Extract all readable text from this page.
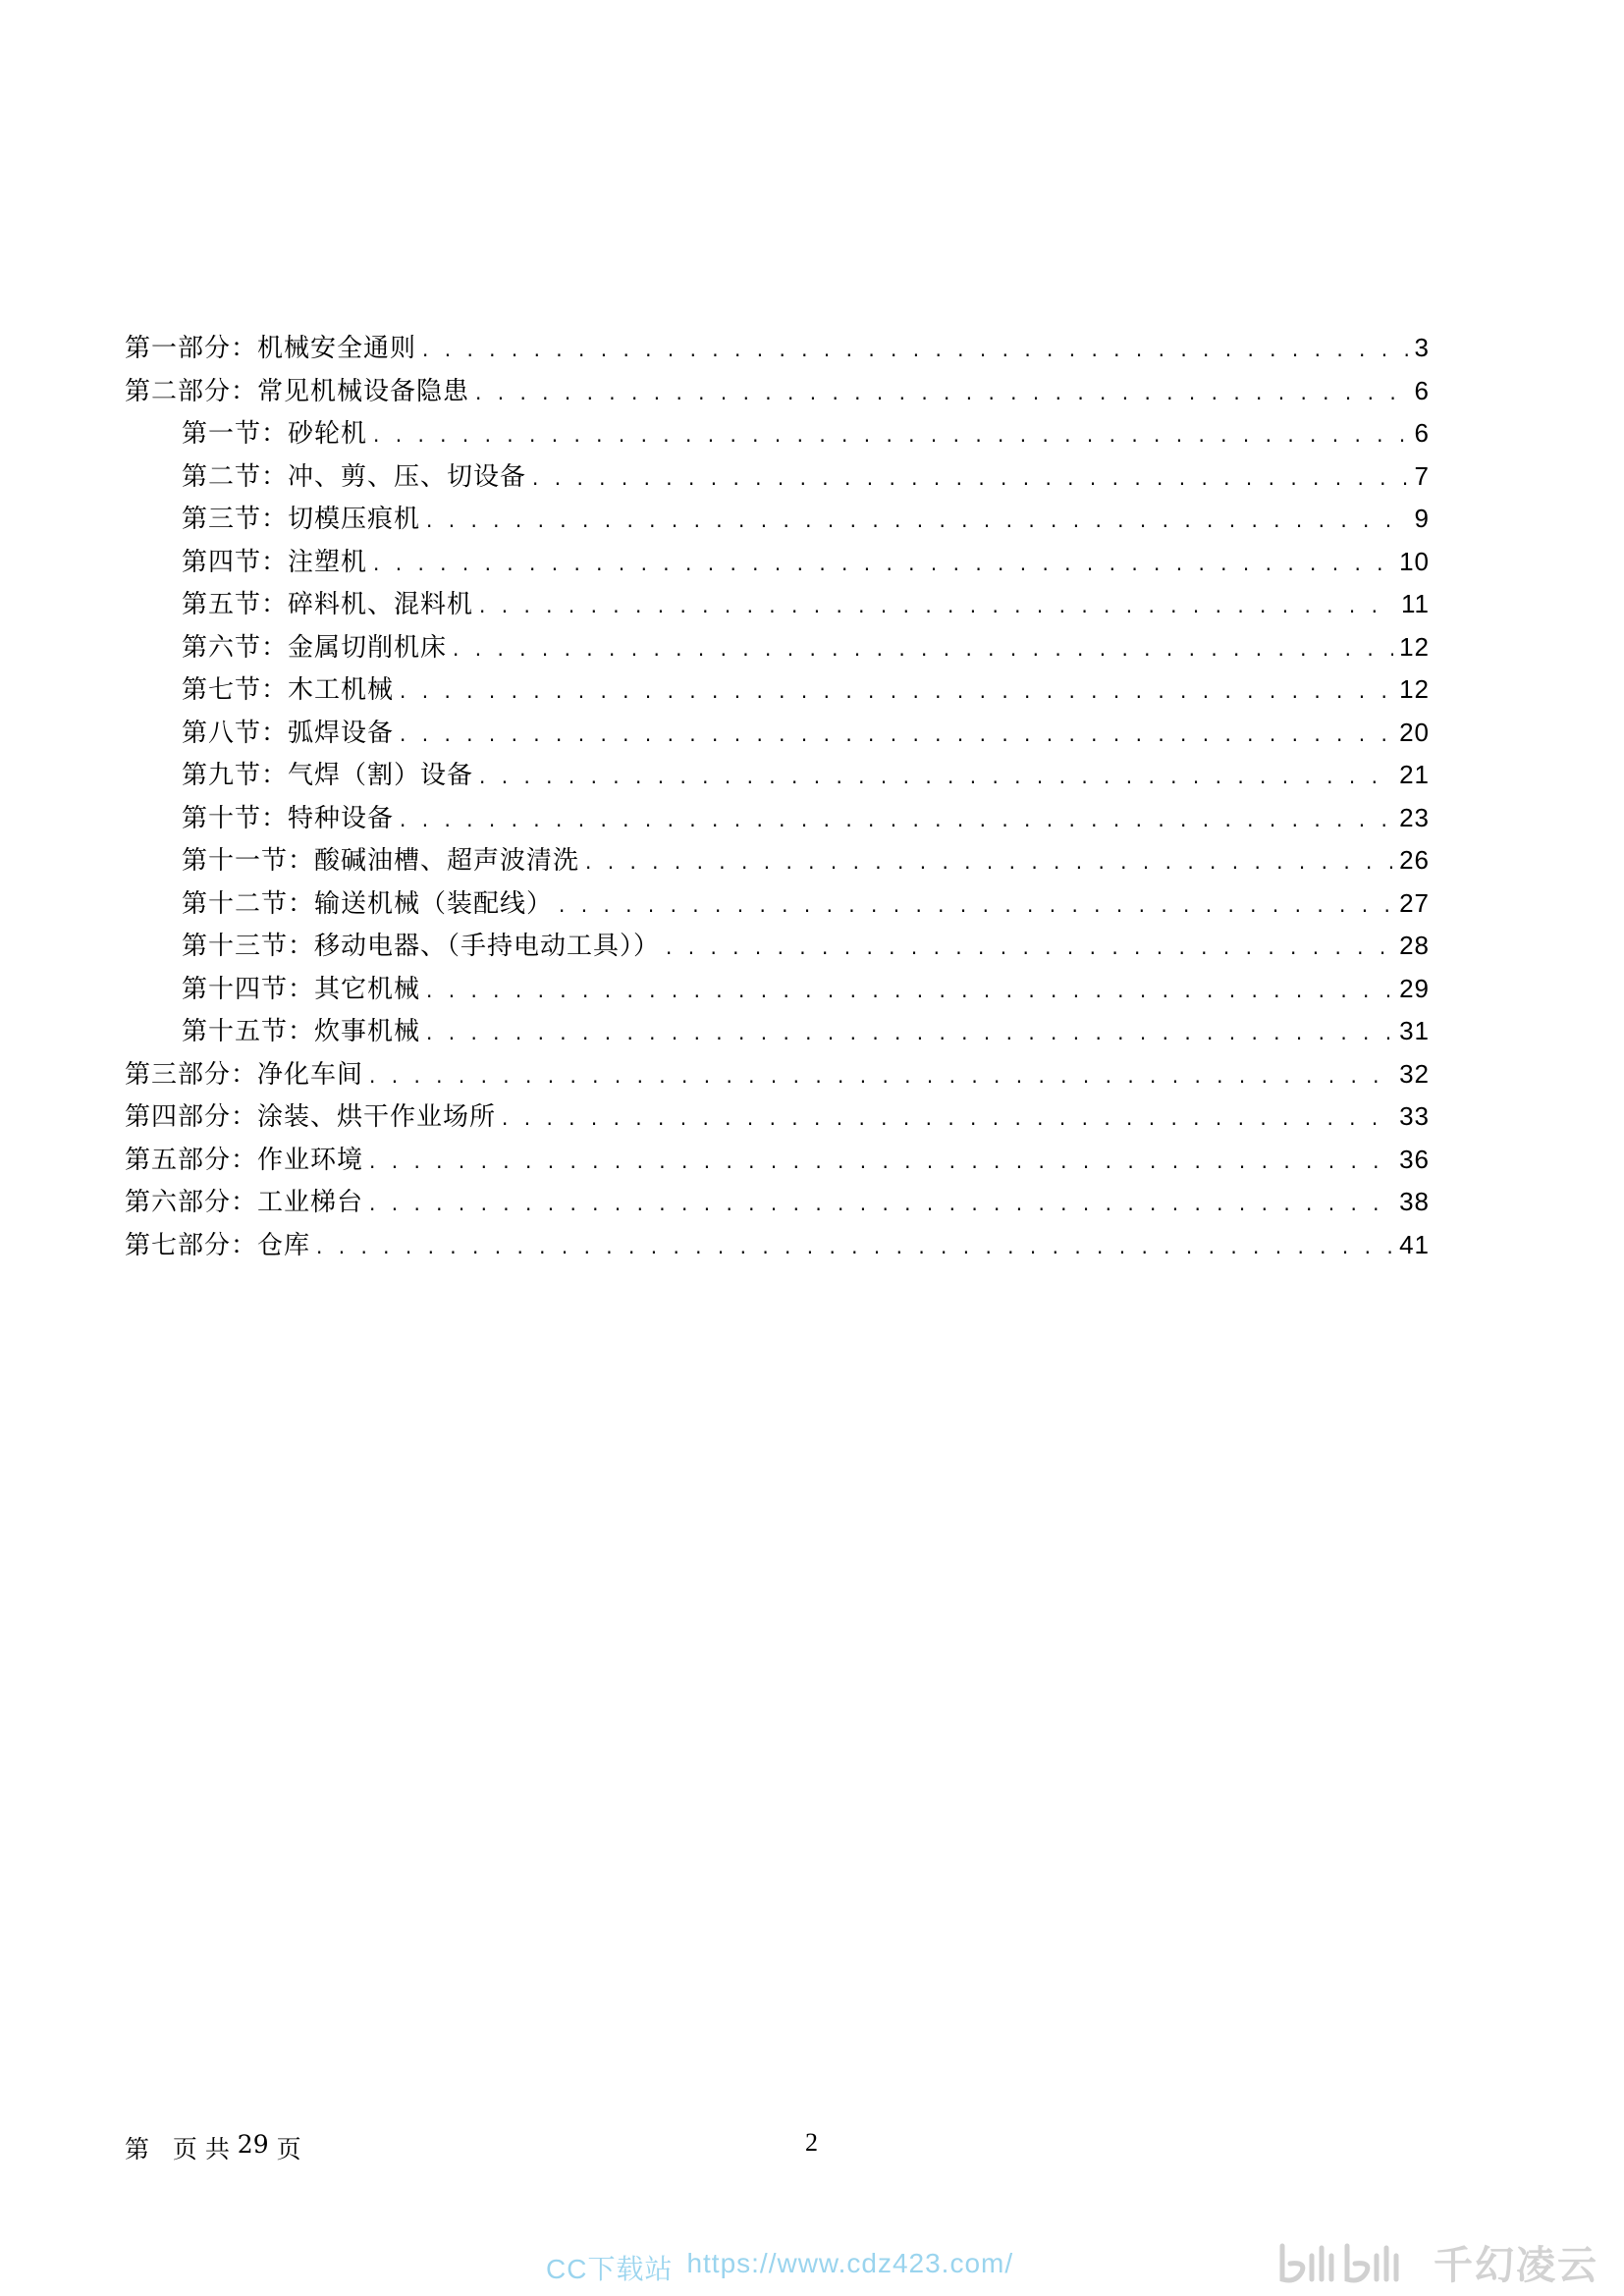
第一部分：机械安全通则 . . .	3
第二部分：常见机械设备隐患 . . .	6
第一节：砂轮机 . . .	6
第二节：冲、剪、压、切设备 . . .	7
第三节：切模压痕机 . . .	9
第四节：注塑机 . . .	10
第五节：碎料机、混料机 . . .	11
第六节：金属切削机床 . . .	12
第七节：木工机械 . . .	12
第八节：弧焊设备 . . .	20
第九节：气焊（割）设备 . . .	21
第十节：特种设备 . . .	23
第十一节：酸碱油槽、超声波清洗 . . .	26
第十二节：输送机械（装配线） . . .	27
第十三节：移动电器、（手持电动工具）） . . .	28
第十四节：其它机械 . . .	29
第十五节：炊事机械 . . .	31
第三部分：净化车间 . . .	32
第四部分：涂装、烘干作业场所 . . .	33
第五部分：作业环境 . . .	36
第六部分：工业梯台 . . .	38
第七部分：仓库 . . .	41
第
页
共
29
页	2
CC下载站 https://www.cdz423.com/	千幻凌云
